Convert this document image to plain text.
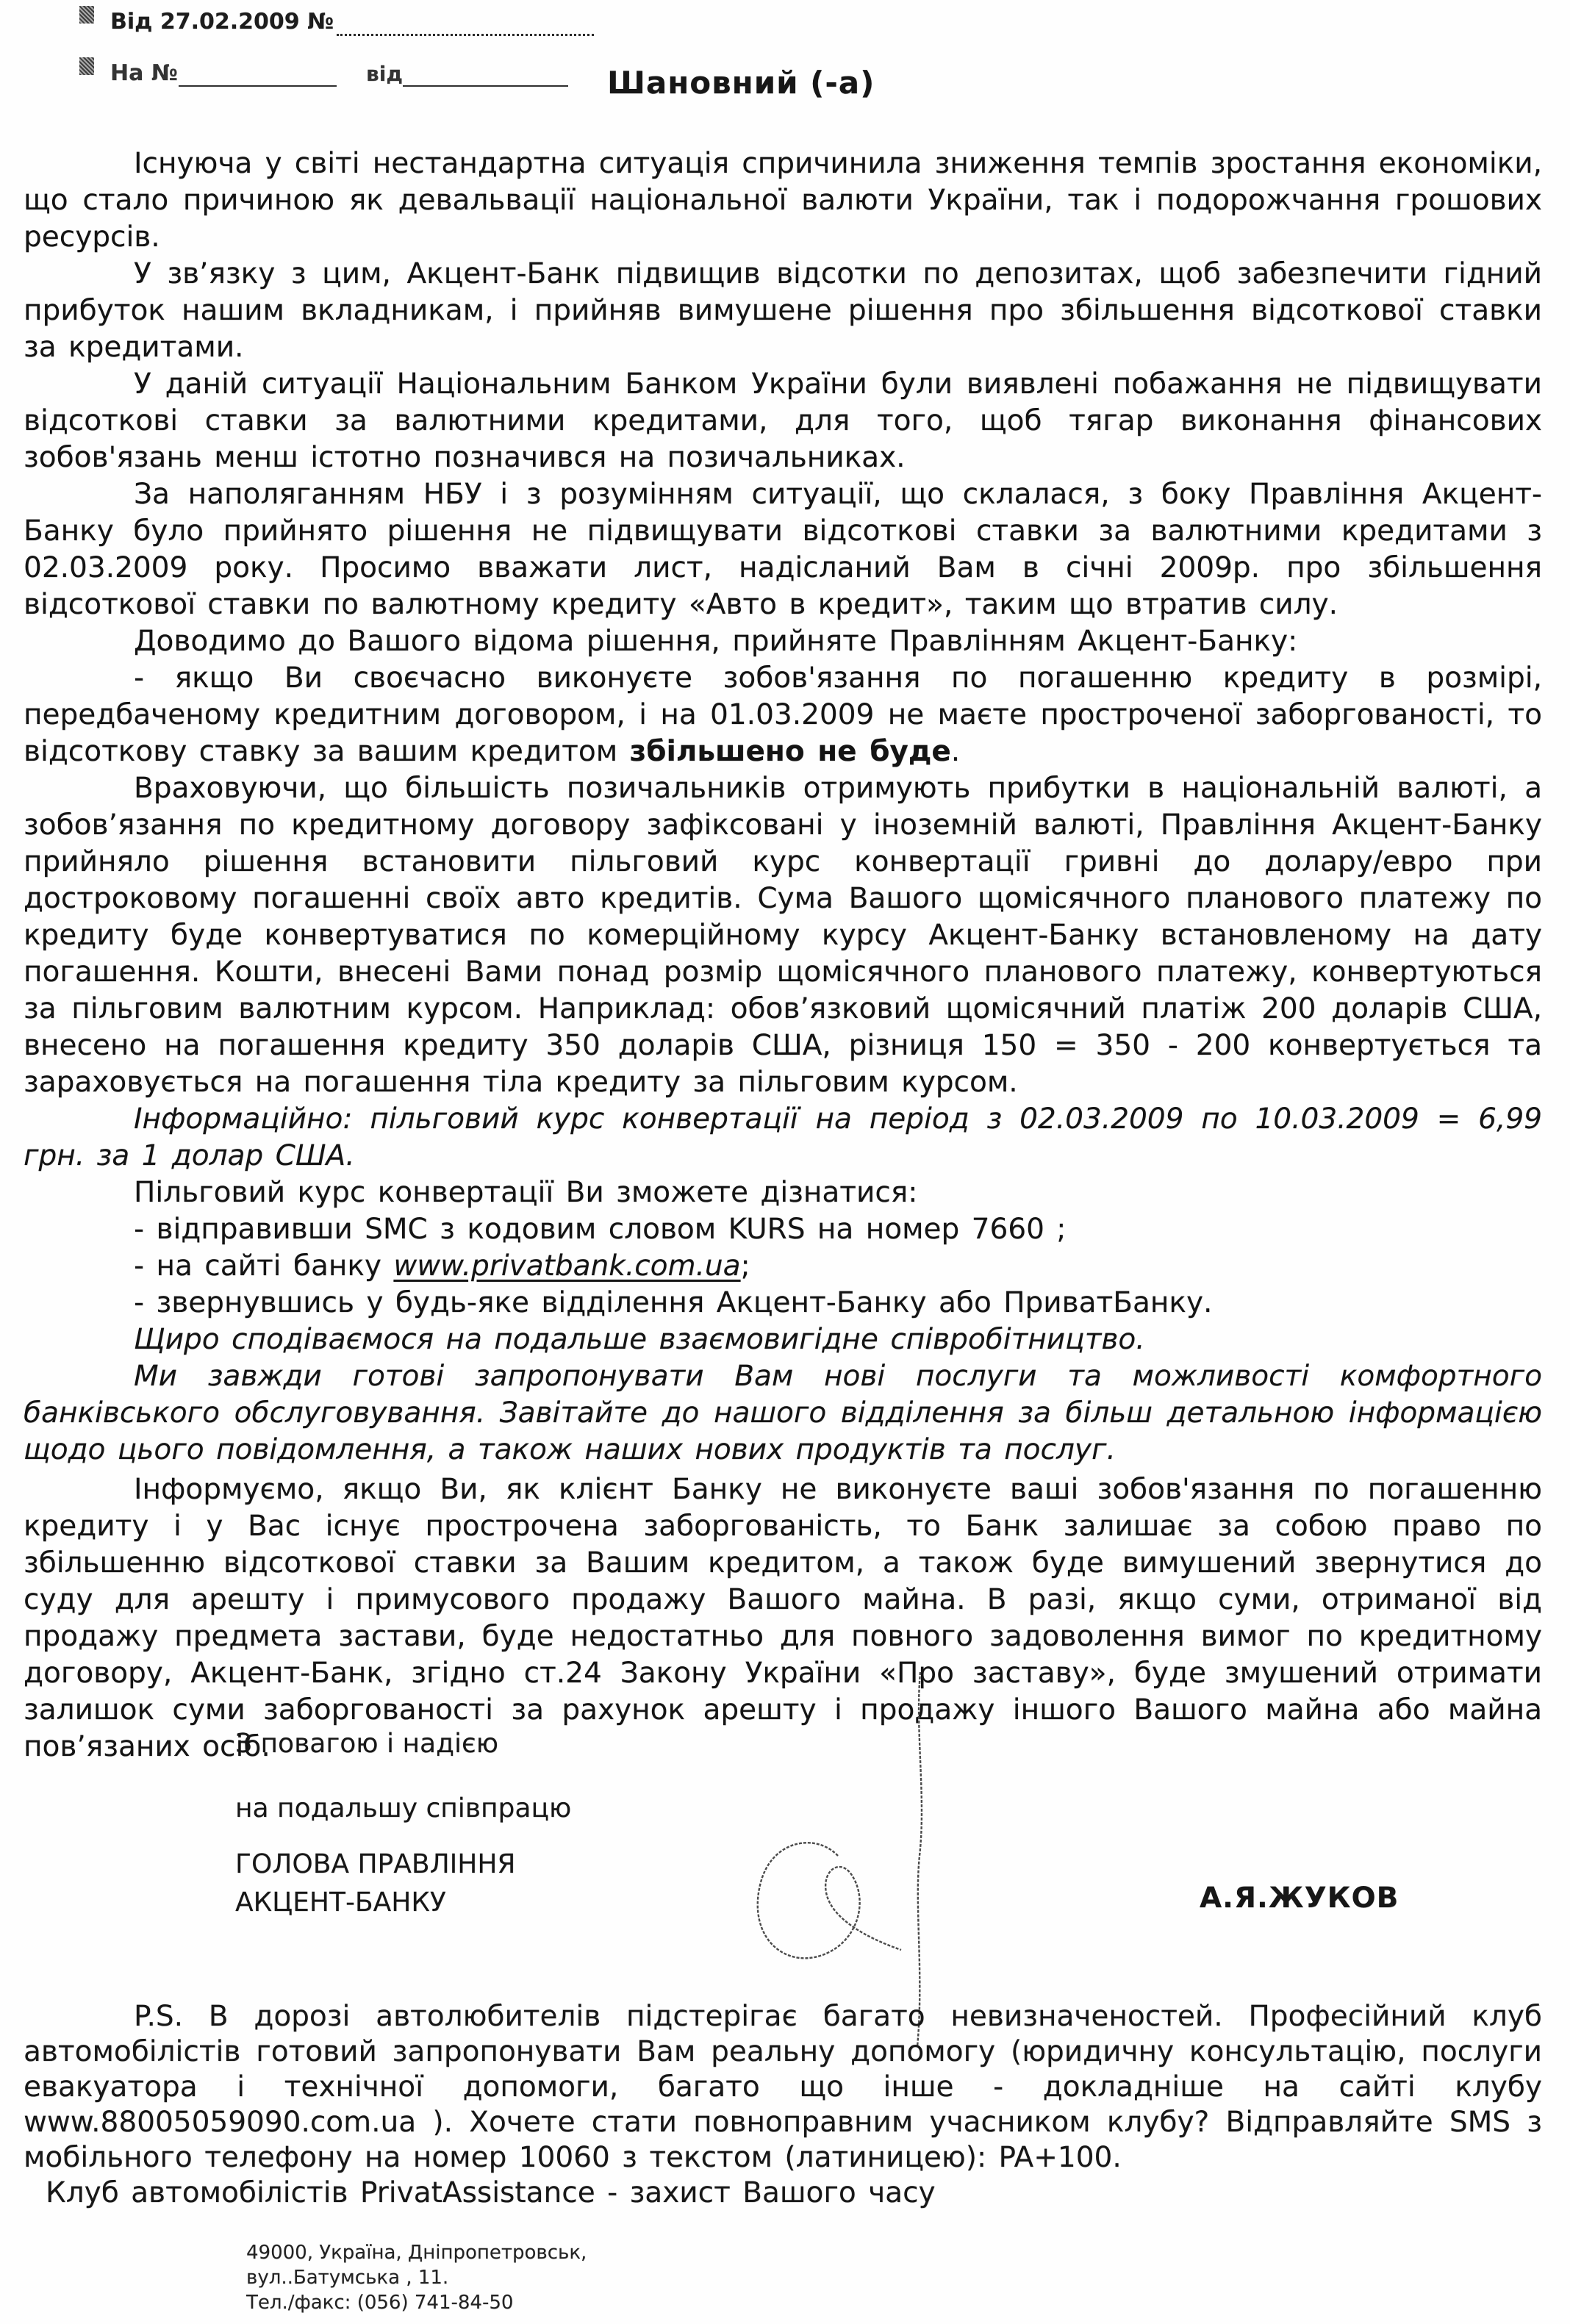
Від 27.02.2009 №
На №	від	Шановний (-а)

Існуюча у світі нестандартна ситуація спричинила зниження темпів зростання економіки, що стало причиною як девальвації національної валюти України, так і подорожчання грошових ресурсів.

У зв’язку з цим, Акцент-Банк підвищив відсотки по депозитах, щоб забезпечити гідний прибуток нашим вкладникам, і прийняв вимушене рішення про збільшення відсоткової ставки за кредитами.

У даній ситуації Національним Банком України були виявлені побажання не підвищувати відсоткові ставки за валютними кредитами, для того, щоб тягар виконання фінансових зобов'язань менш істотно позначився на позичальниках.

За наполяганням НБУ і з розумінням ситуації, що склалася, з боку Правління Акцент-Банку було прийнято рішення не підвищувати відсоткові ставки за валютними кредитами з 02.03.2009 року. Просимо вважати лист, надісланий Вам в січні 2009р. про збільшення відсоткової ставки по валютному кредиту «Авто в кредит», таким що втратив силу.

Доводимо до Вашого відома рішення, прийняте Правлінням Акцент-Банку:

- якщо Ви своєчасно виконуєте зобов'язання по погашенню кредиту в розмірі, передбаченому кредитним договором, і на 01.03.2009 не маєте простроченої заборгованості, то відсоткову ставку за вашим кредитом збільшено не буде.

Враховуючи, що більшість позичальників отримують прибутки в національній валюті, а зобов’язання по кредитному договору зафіксовані у іноземній валюті, Правління Акцент-Банку прийняло рішення встановити пільговий курс конвертації гривні до долару/евро при достроковому погашенні своїх авто кредитів. Сума Вашого щомісячного планового платежу по кредиту буде конвертуватися по комерційному курсу Акцент-Банку встановленому на дату погашення. Кошти, внесені Вами понад розмір щомісячного планового платежу, конвертуються за пільговим валютним курсом. Наприклад: обов’язковий щомісячний платіж 200 доларів США, внесено на погашення кредиту 350 доларів США, різниця 150 = 350 - 200 конвертується та зараховується на погашення тіла кредиту за пільговим курсом.

Інформаційно: пільговий курс конвертації на період з 02.03.2009 по 10.03.2009 = 6,99 грн. за 1 долар США.

Пільговий курс конвертації Ви зможете дізнатися:

- відправивши SMC з кодовим словом KURS на номер 7660 ;

- на сайті банку www.privatbank.com.ua;

- звернувшись у будь-яке відділення Акцент-Банку або ПриватБанку.

Щиро сподіваємося на подальше взаємовигідне співробітництво.

Ми завжди готові запропонувати Вам нові послуги та можливості комфортного банківського обслуговування. Завітайте до нашого відділення за більш детальною інформацією щодо цього повідомлення, а також наших нових продуктів та послуг.

Інформуємо, якщо Ви, як клієнт Банку не виконуєте ваші зобов'язання по погашенню кредиту і у Вас існує прострочена заборгованість, то Банк залишає за собою право по збільшенню відсоткової ставки за Вашим кредитом, а також буде вимушений звернутися до суду для арешту і примусового продажу Вашого майна. В разі, якщо суми, отриманої від продажу предмета застави, буде недостатньо для повного задоволення вимог по кредитному договору, Акцент-Банк, згідно ст.24 Закону України «Про заставу», буде змушений отримати залишок суми заборгованості за рахунок арешту і продажу іншого Вашого майна або майна пов’язаних осіб.

З повагою і надією
на подальшу співпрацю
ГОЛОВА ПРАВЛІННЯ
АКЦЕНТ-БАНКУ	А.Я.ЖУКОВ

P.S. В дорозі автолюбителів підстерігає багато невизначеностей. Професійний клуб автомобілістів готовий запропонувати Вам реальну допомогу (юридичну консультацію, послуги евакуатора і технічної допомоги, багато що інше - докладніше на сайті клубу www.88005059090.com.ua ). Хочете стати повноправним учасником клубу? Відправляйте SMS з мобільного телефону на номер 10060 з текстом (латиницею): PA+100.

Клуб автомобілістів PrivatAssistance - захист Вашого часу

49000, Україна, Дніпропетровськ,
вул..Батумська , 11.
Тел./факс: (056) 741-84-50
